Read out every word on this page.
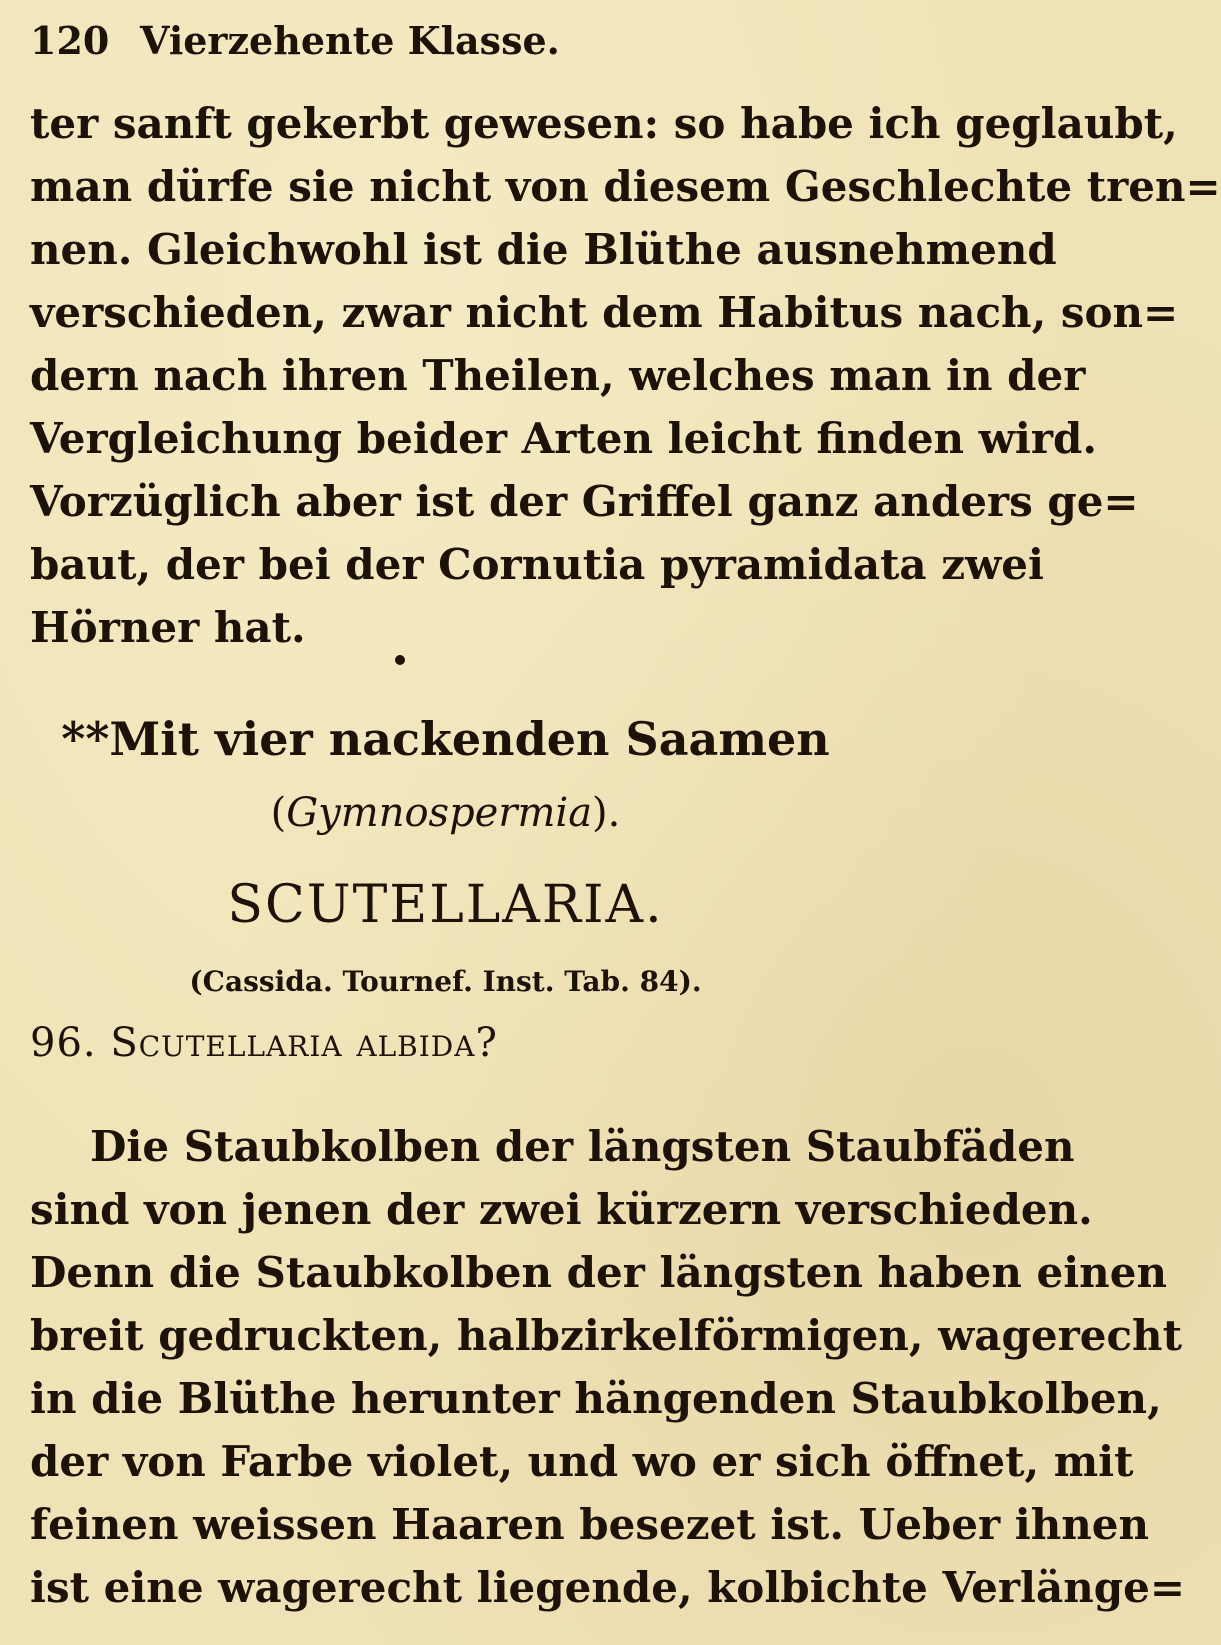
120 Vierzehente Klasse.
ter sanft gekerbt gewesen: so habe ich geglaubt,
man dürfe sie nicht von diesem Geschlechte tren=
nen. Gleichwohl ist die Blüthe ausnehmend
verschieden, zwar nicht dem Habitus nach, son=
dern nach ihren Theilen, welches man in der
Vergleichung beider Arten leicht finden wird.
Vorzüglich aber ist der Griffel ganz anders ge=
baut, der bei der Cornutia pyramidata zwei
Hörner hat.
**Mit vier nackenden Saamen
(Gymnospermia).
SCUTELLARIA.
(Cassida. Tournef. Inst. Tab. 84).
96. Scutellaria albida?
Die Staubkolben der längsten Staubfäden
sind von jenen der zwei kürzern verschieden.
Denn die Staubkolben der längsten haben einen
breit gedruckten, halbzirkelförmigen, wagerecht
in die Blüthe herunter hängenden Staubkolben,
der von Farbe violet, und wo er sich öffnet, mit
feinen weissen Haaren besezet ist. Ueber ihnen
ist eine wagerecht liegende, kolbichte Verlänge=
